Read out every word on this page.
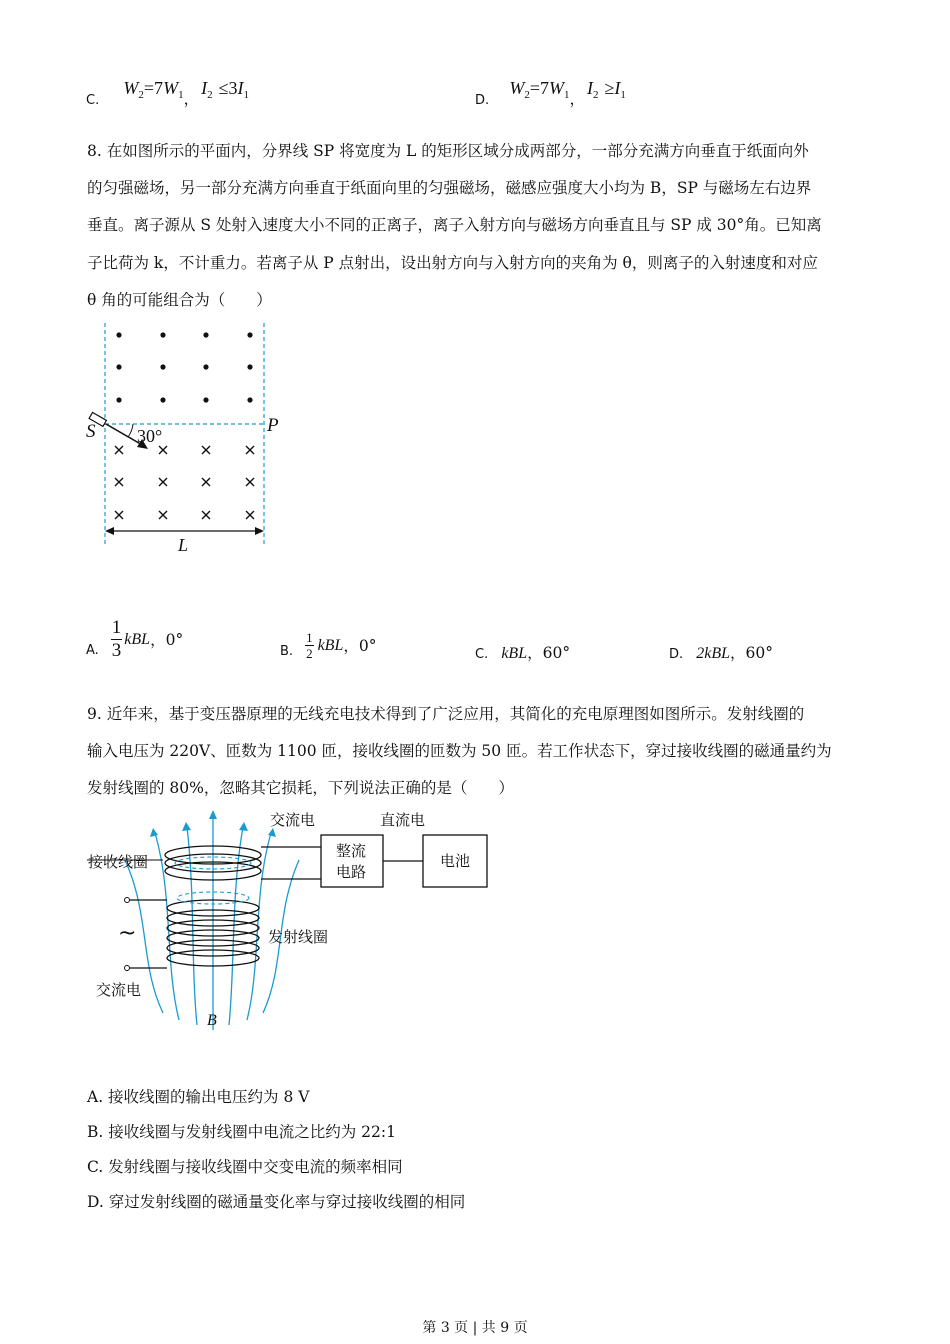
C.  $W_2=7W_1$，$I_2 \le 3I_1$	D.  $W_2=7W_1$，$I_2 \ge I_1$
8. 在如图所示的平面内，分界线 SP 将宽度为 L 的矩形区域分成两部分，一部分充满方向垂直于纸面向外
的匀强磁场，另一部分充满方向垂直于纸面向里的匀强磁场，磁感应强度大小均为 B，SP 与磁场左右边界
垂直。离子源从 S 处射入速度大小不同的正离子，离子入射方向与磁场方向垂直且与 SP 成 30°角。已知离
子比荷为 k，不计重力。若离子从 P 点射出，设出射方向与入射方向的夹角为 θ，则离子的入射速度和对应
θ 角的可能组合为（　　）
S 30°	P
L
A. $\frac{1}{3}$ kBL ，0°
B. $\frac{1}{2}$ kBL ，0°	C. kBL，60°	D. 2kBL，60°
9. 近年来，基于变压器原理的无线充电技术得到了广泛应用，其简化的充电原理图如图所示。发射线圈的
输入电压为 220V、匝数为 1100 匝，接收线圈的匝数为 50 匝。若工作状态下，穿过接收线圈的磁通量约为
发射线圈的 80%，忽略其它损耗，下列说法正确的是（　　）
交流电	直流电
接收线圈
整流
电路
电池
~	发射线圈
交流电
B
A. 接收线圈的输出电压约为 8 V
B. 接收线圈与发射线圈中电流之比约为 22:1
C. 发射线圈与接收线圈中交变电流的频率相同
D. 穿过发射线圈的磁通量变化率与穿过接收线圈的相同
第 3 页 | 共 9 页
